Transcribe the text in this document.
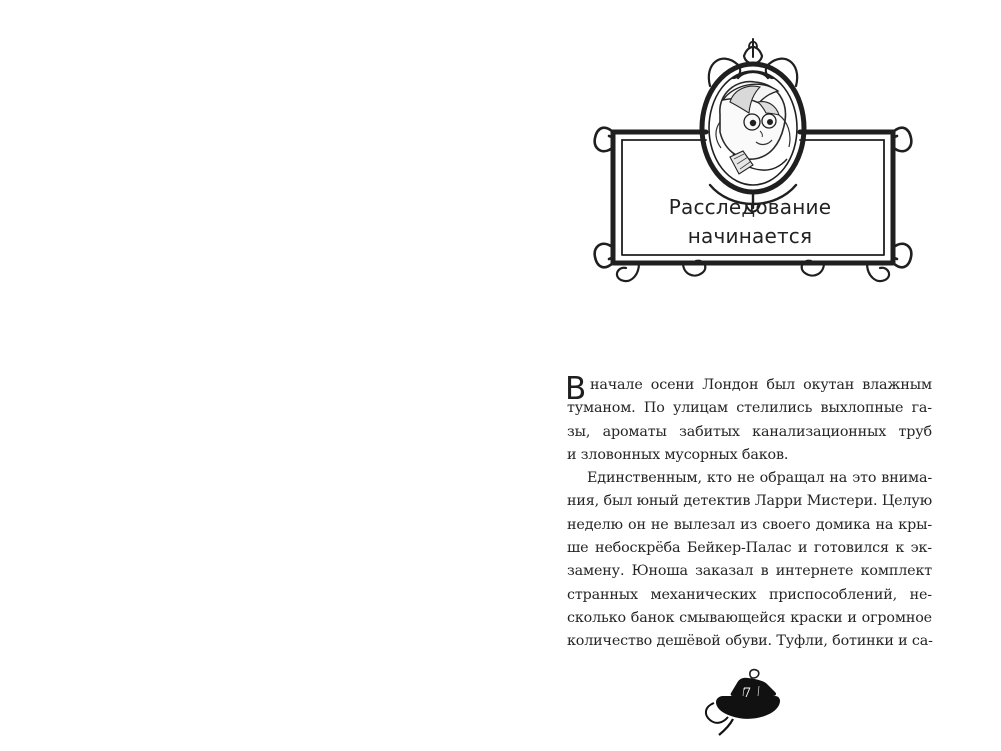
Расследование
начинается
В начале осени Лондон был окутан влажным
туманом. По улицам стелились выхлопные га-
зы, ароматы забитых канализационных труб
и зловонных мусорных баков.
Единственным, кто не обращал на это внима-
ния, был юный детектив Ларри Мистери. Целую
неделю он не вылезал из своего домика на кры-
ше небоскрёба Бейкер-Палас и готовился к эк-
замену. Юноша заказал в интернете комплект
странных механических приспособлений, не-
сколько банок смывающейся краски и огромное
количество дешёвой обуви. Туфли, ботинки и са-
7
